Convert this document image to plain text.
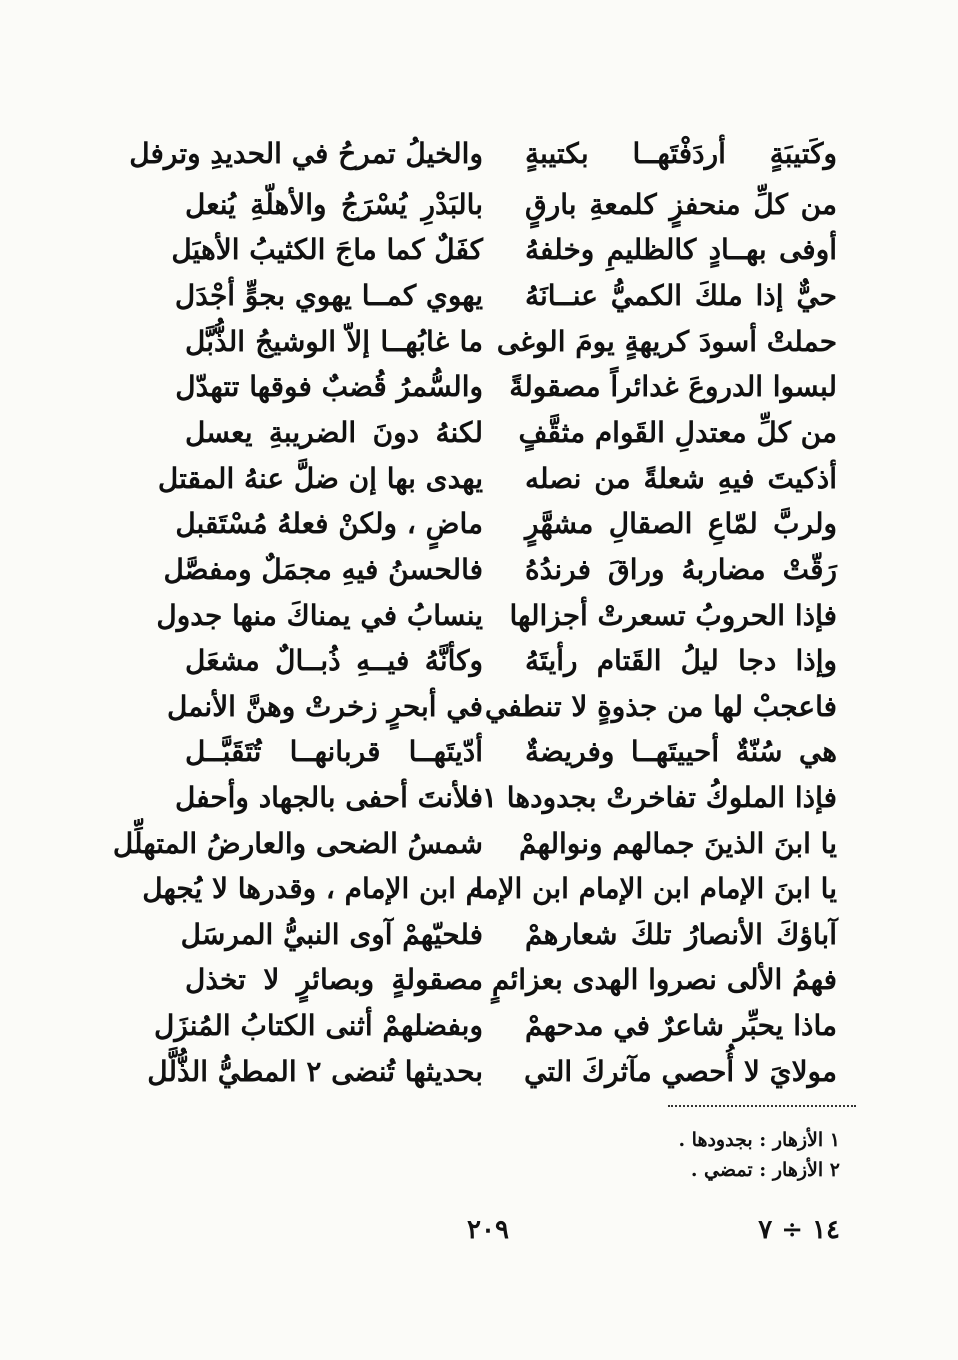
وكَتيبَةٍ أردَفْتَهــا بكتيبةٍ
والخيلُ تمرحُ في الحديدِ وترفل
من كلِّ منحفزٍ كلمعةِ بارقٍ
بالبَدْرِ يُسْرَجُ والأهلّةِ يُنعل
أوفى بهــادٍ كالظليمِ وخلفهُ
كفَلٌ كما ماجَ الكثيبُ الأهيَل
حيٌّ إذا ملكَ الكميُّ عنــانَهُ
يهوي كمــا يهوي بجوٍّ أجْدَل
حملتْ أسودَ كريهةٍ يومَ الوغى
ما غابُهــا إلاّ الوشيجُ الذُّبَّل
لبسوا الدروعَ غدائراً مصقولةً
والسُّمرُ قُضبٌ فوقها تتهدّل
من كلِّ معتدلِ القَوام مثقَّفٍ
لكنهُ دونَ الضريبةِ يعسل
أذكيتَ فيهِ شعلةً من نصله
يهدى بها إن ضلَّ عنهُ المقتل
ولربَّ لمّاعِ الصقالِ مشهَّرٍ
ماضٍ ، ولكنْ فعلهُ مُسْتَقبل
رَقّتْ مضاربهُ وراقَ فرندُهُ
فالحسنُ فيهِ مجمَلٌ ومفصَّل
فإذا الحروبُ تسعرتْ أجزالها
ينسابُ في يمناكَ منها جدول
وإذا دجا ليلُ القَتام رأيتَهُ
وكأنَّهُ فيــهِ ذُبــالٌ مشعَل
فاعجبْ لها من جذوةٍ لا تنطفي
في أبحرٍ زخرتْ وهنَّ الأنمل
هي سُنّةٌ أحييتَهــا وفريضةٌ
أدّيتَهــا قربانهــا تُتَقَبَّــل
فإذا الملوكُ تفاخرتْ بجدودها ١
فلأنتَ أحفى بالجهاد وأحفل
يا ابنَ الذينَ جمالهم ونوالهمْ
شمسُ الضحى والعارضُ المتهلِّل
يا ابنَ الإمام ابن الإمام ابن الإما
م ابن الإمام ، وقدرها لا يُجهل
آباؤكَ الأنصارُ تلكَ شعارهمْ
فلحيّهمْ آوى النبيُّ المرسَل
فهمُ الألى نصروا الهدى بعزائمٍ
مصقولةٍ وبصائرٍ لا تخذل
ماذا يحبِّر شاعرٌ في مدحهمْ
وبفضلهمْ أثنى الكتابُ المُنزَل
مولايَ لا أُحصي مآثركَ التي
بحديثها تُنضى ٢ المطيُّ الذُّلَّل
١ الأزهار : بجدودها .
٢ الأزهار : تمضي .
٢٠٩	١٤ ÷ ٧
